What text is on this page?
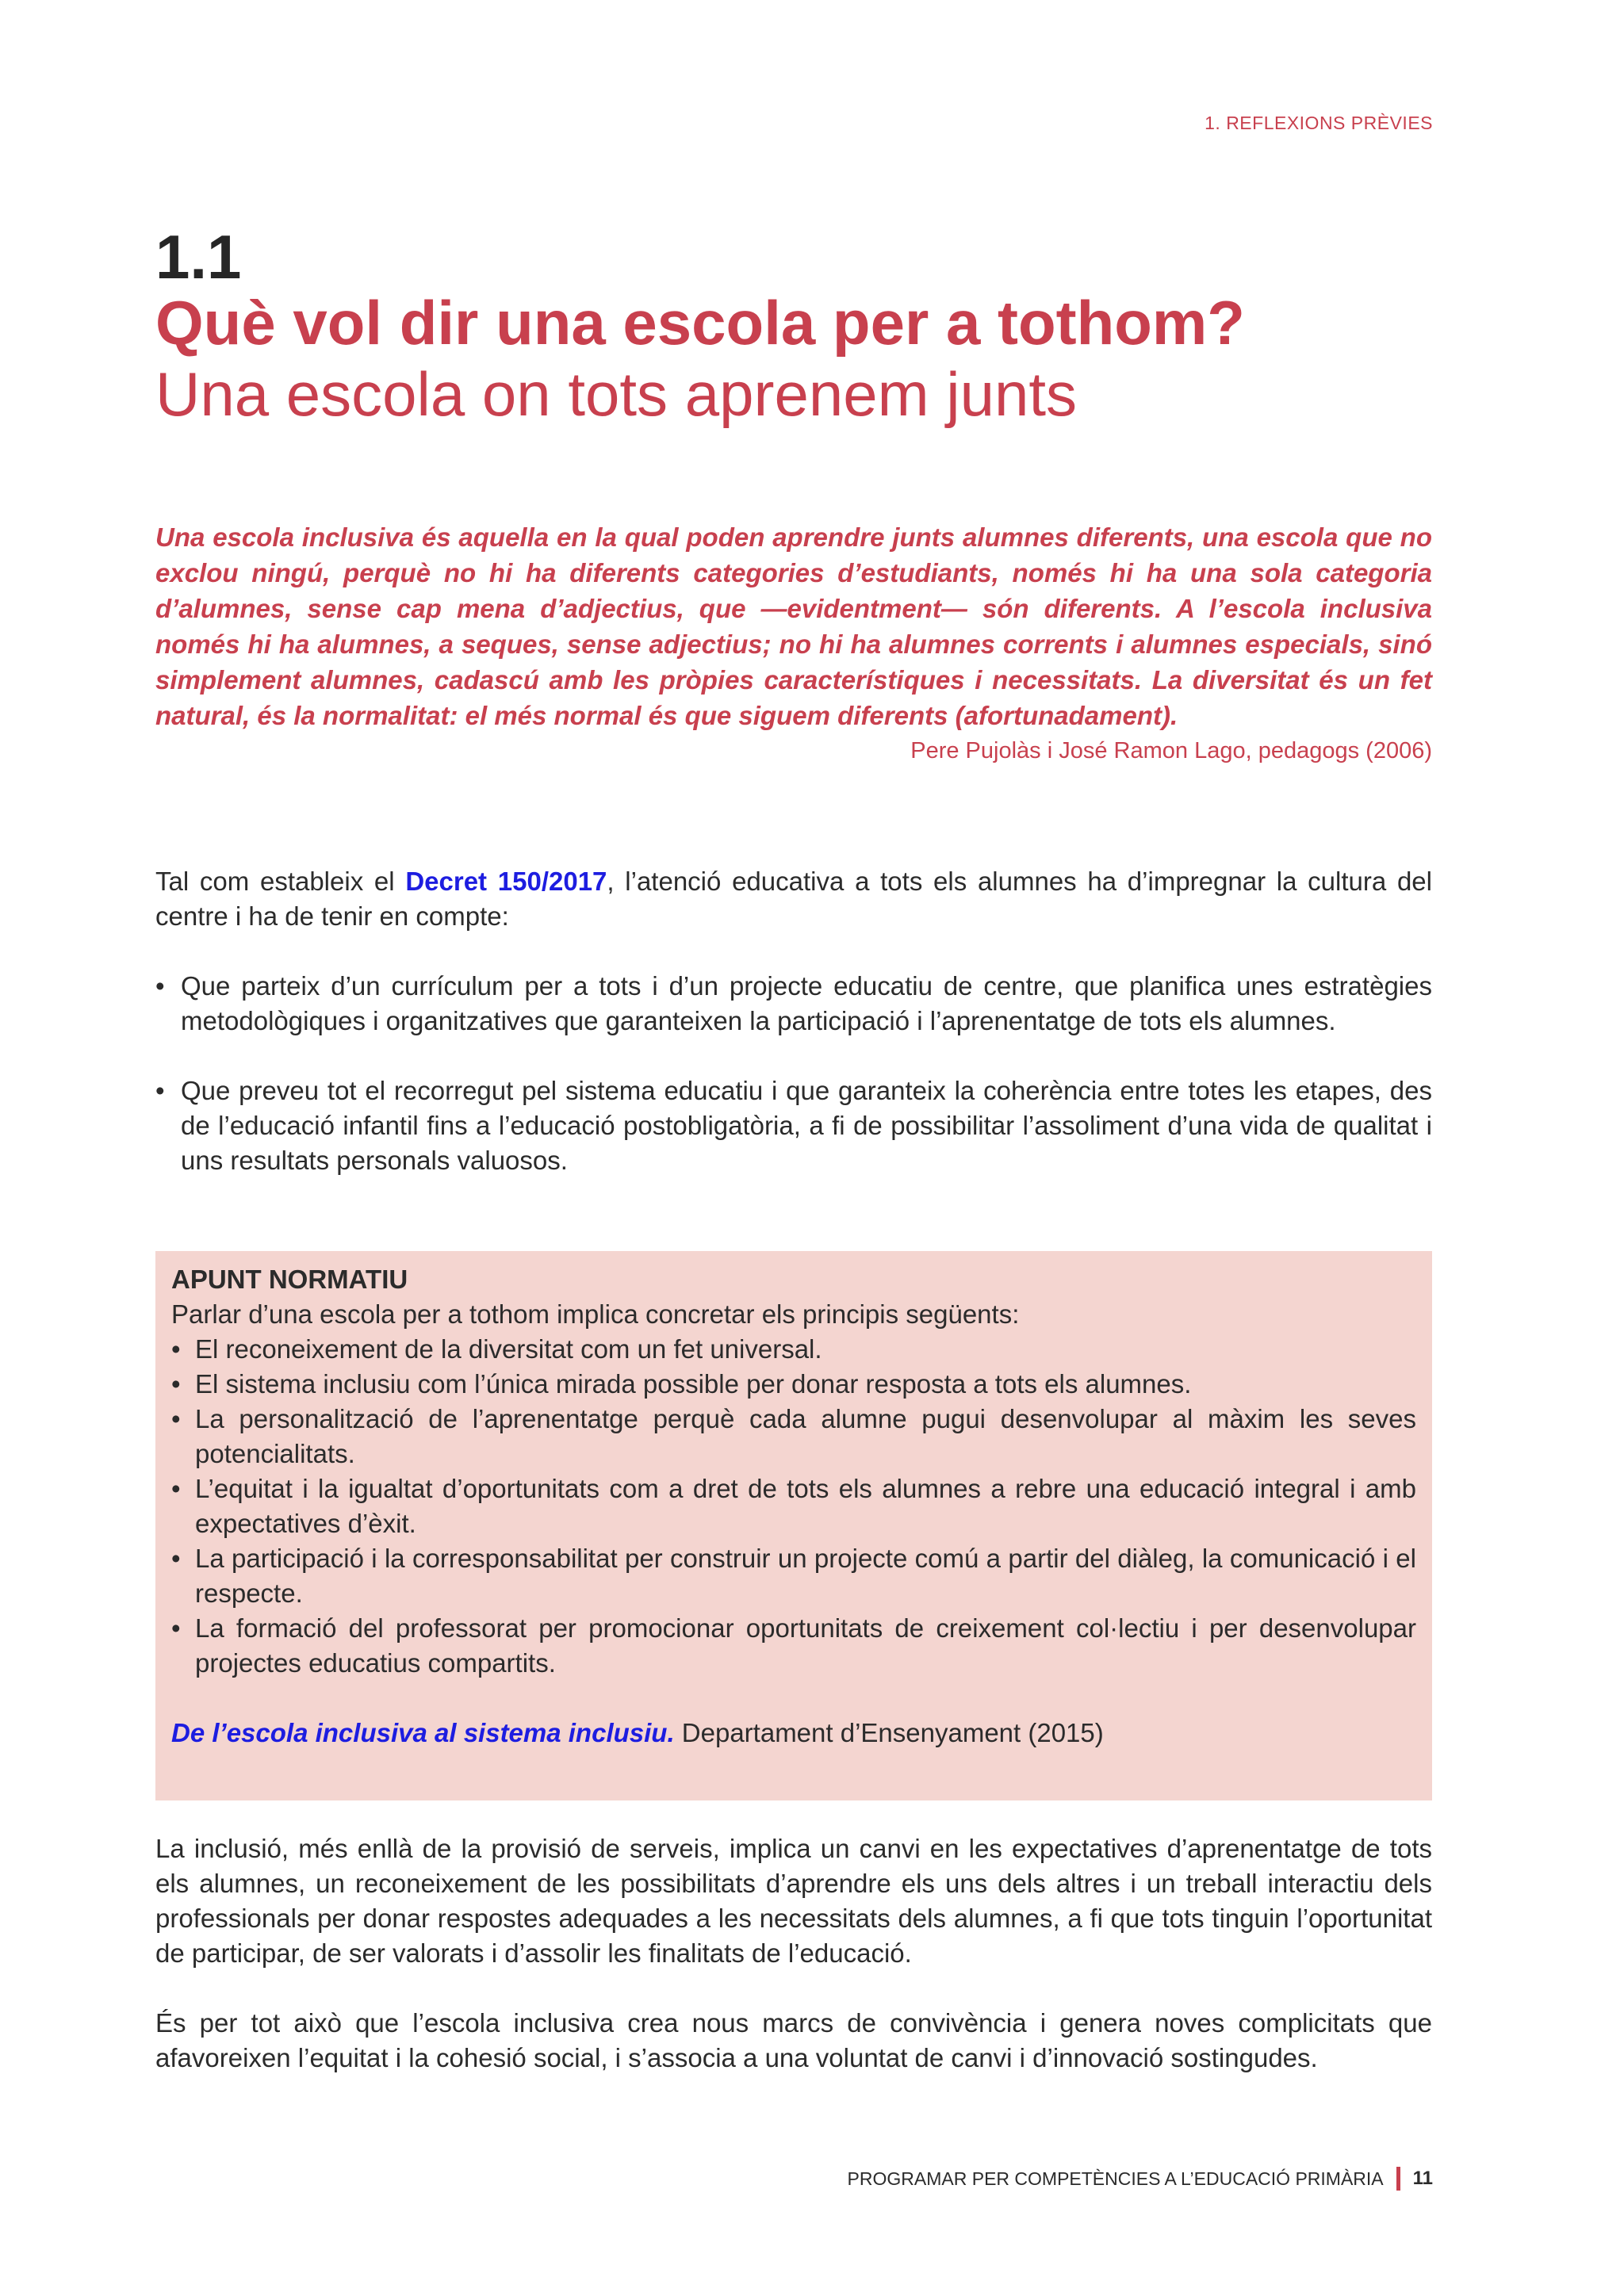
1. REFLEXIONS PRÈVIES
1.1
Què vol dir una escola per a tothom?
Una escola on tots aprenem junts

Una escola inclusiva és aquella en la qual poden aprendre junts alumnes diferents, una escola que no exclou ningú, perquè no hi ha diferents categories d’estudiants, només hi ha una sola categoria d’alumnes, sense cap mena d’adjectius, que —evidentment— són diferents. A l’escola inclusiva només hi ha alumnes, a seques, sense adjectius; no hi ha alumnes corrents i alumnes especials, sinó simplement alumnes, cadascú amb les pròpies característiques i necessitats. La diversitat és un fet natural, és la normalitat: el més normal és que siguem diferents (afortunadament).

Pere Pujolàs i José Ramon Lago, pedagogs (2006)

Tal com estableix el Decret 150/2017, l’atenció educativa a tots els alumnes ha d’impregnar la cultura del centre i ha de tenir en compte:

• Que parteix d’un currículum per a tots i d’un projecte educatiu de centre, que planifica unes estratègies metodològiques i organitzatives que garanteixen la participació i l’aprenentatge de tots els alumnes.
• Que preveu tot el recorregut pel sistema educatiu i que garanteix la coherència entre totes les etapes, des de l’educació infantil fins a l’educació postobligatòria, a fi de possibilitar l’assoliment d’una vida de qualitat i uns resultats personals valuosos.

APUNT NORMATIU

Parlar d’una escola per a tothom implica concretar els principis següents:

• El reconeixement de la diversitat com un fet universal.
• El sistema inclusiu com l’única mirada possible per donar resposta a tots els alumnes.
• La personalització de l’aprenentatge perquè cada alumne pugui desenvolupar al màxim les seves potencialitats.
• L’equitat i la igualtat d’oportunitats com a dret de tots els alumnes a rebre una educació integral i amb expectatives d’èxit.
• La participació i la corresponsabilitat per construir un projecte comú a partir del diàleg, la comunicació i el respecte.
• La formació del professorat per promocionar oportunitats de creixement col·lectiu i per desenvolupar projectes educatius compartits.

De l’escola inclusiva al sistema inclusiu. Departament d’Ensenyament (2015)

La inclusió, més enllà de la provisió de serveis, implica un canvi en les expectatives d’aprenentatge de tots els alumnes, un reconeixement de les possibilitats d’aprendre els uns dels altres i un treball interactiu dels professionals per donar respostes adequades a les necessitats dels alumnes, a fi que tots tinguin l’oportunitat de participar, de ser valorats i d’assolir les finalitats de l’educació.

És per tot això que l’escola inclusiva crea nous marcs de convivència i genera noves complicitats que afavoreixen l’equitat i la cohesió social, i s’associa a una voluntat de canvi i d’innovació sostingudes.

PROGRAMAR PER COMPETÈNCIES A L’EDUCACIÓ PRIMÀRIA 11
